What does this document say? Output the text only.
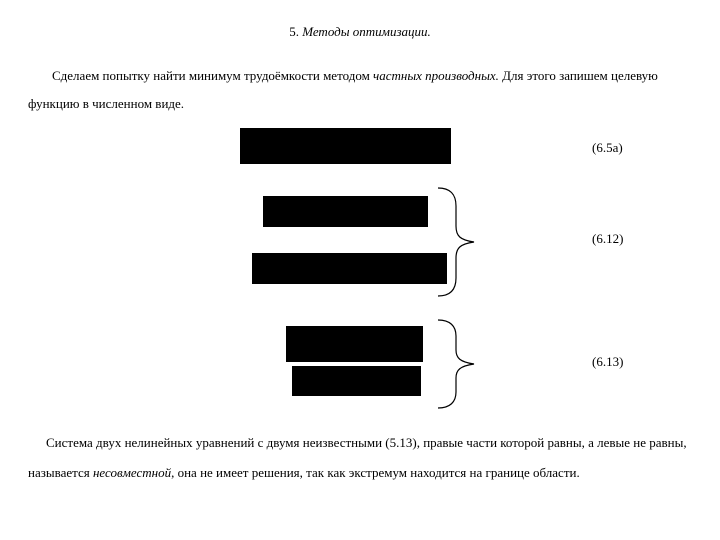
5. Методы оптимизации.
Сделаем попытку найти минимум трудоёмкости методом частных производных. Для этого запишем целевую функцию в численном виде.
(6.5a)
(6.12)
(6.13)
Система двух нелинейных уравнений с двумя неизвестными (5.13), правые части которой равны, а левые не равны, называется несовместной, она не имеет решения, так как экстремум находится на границе области.
